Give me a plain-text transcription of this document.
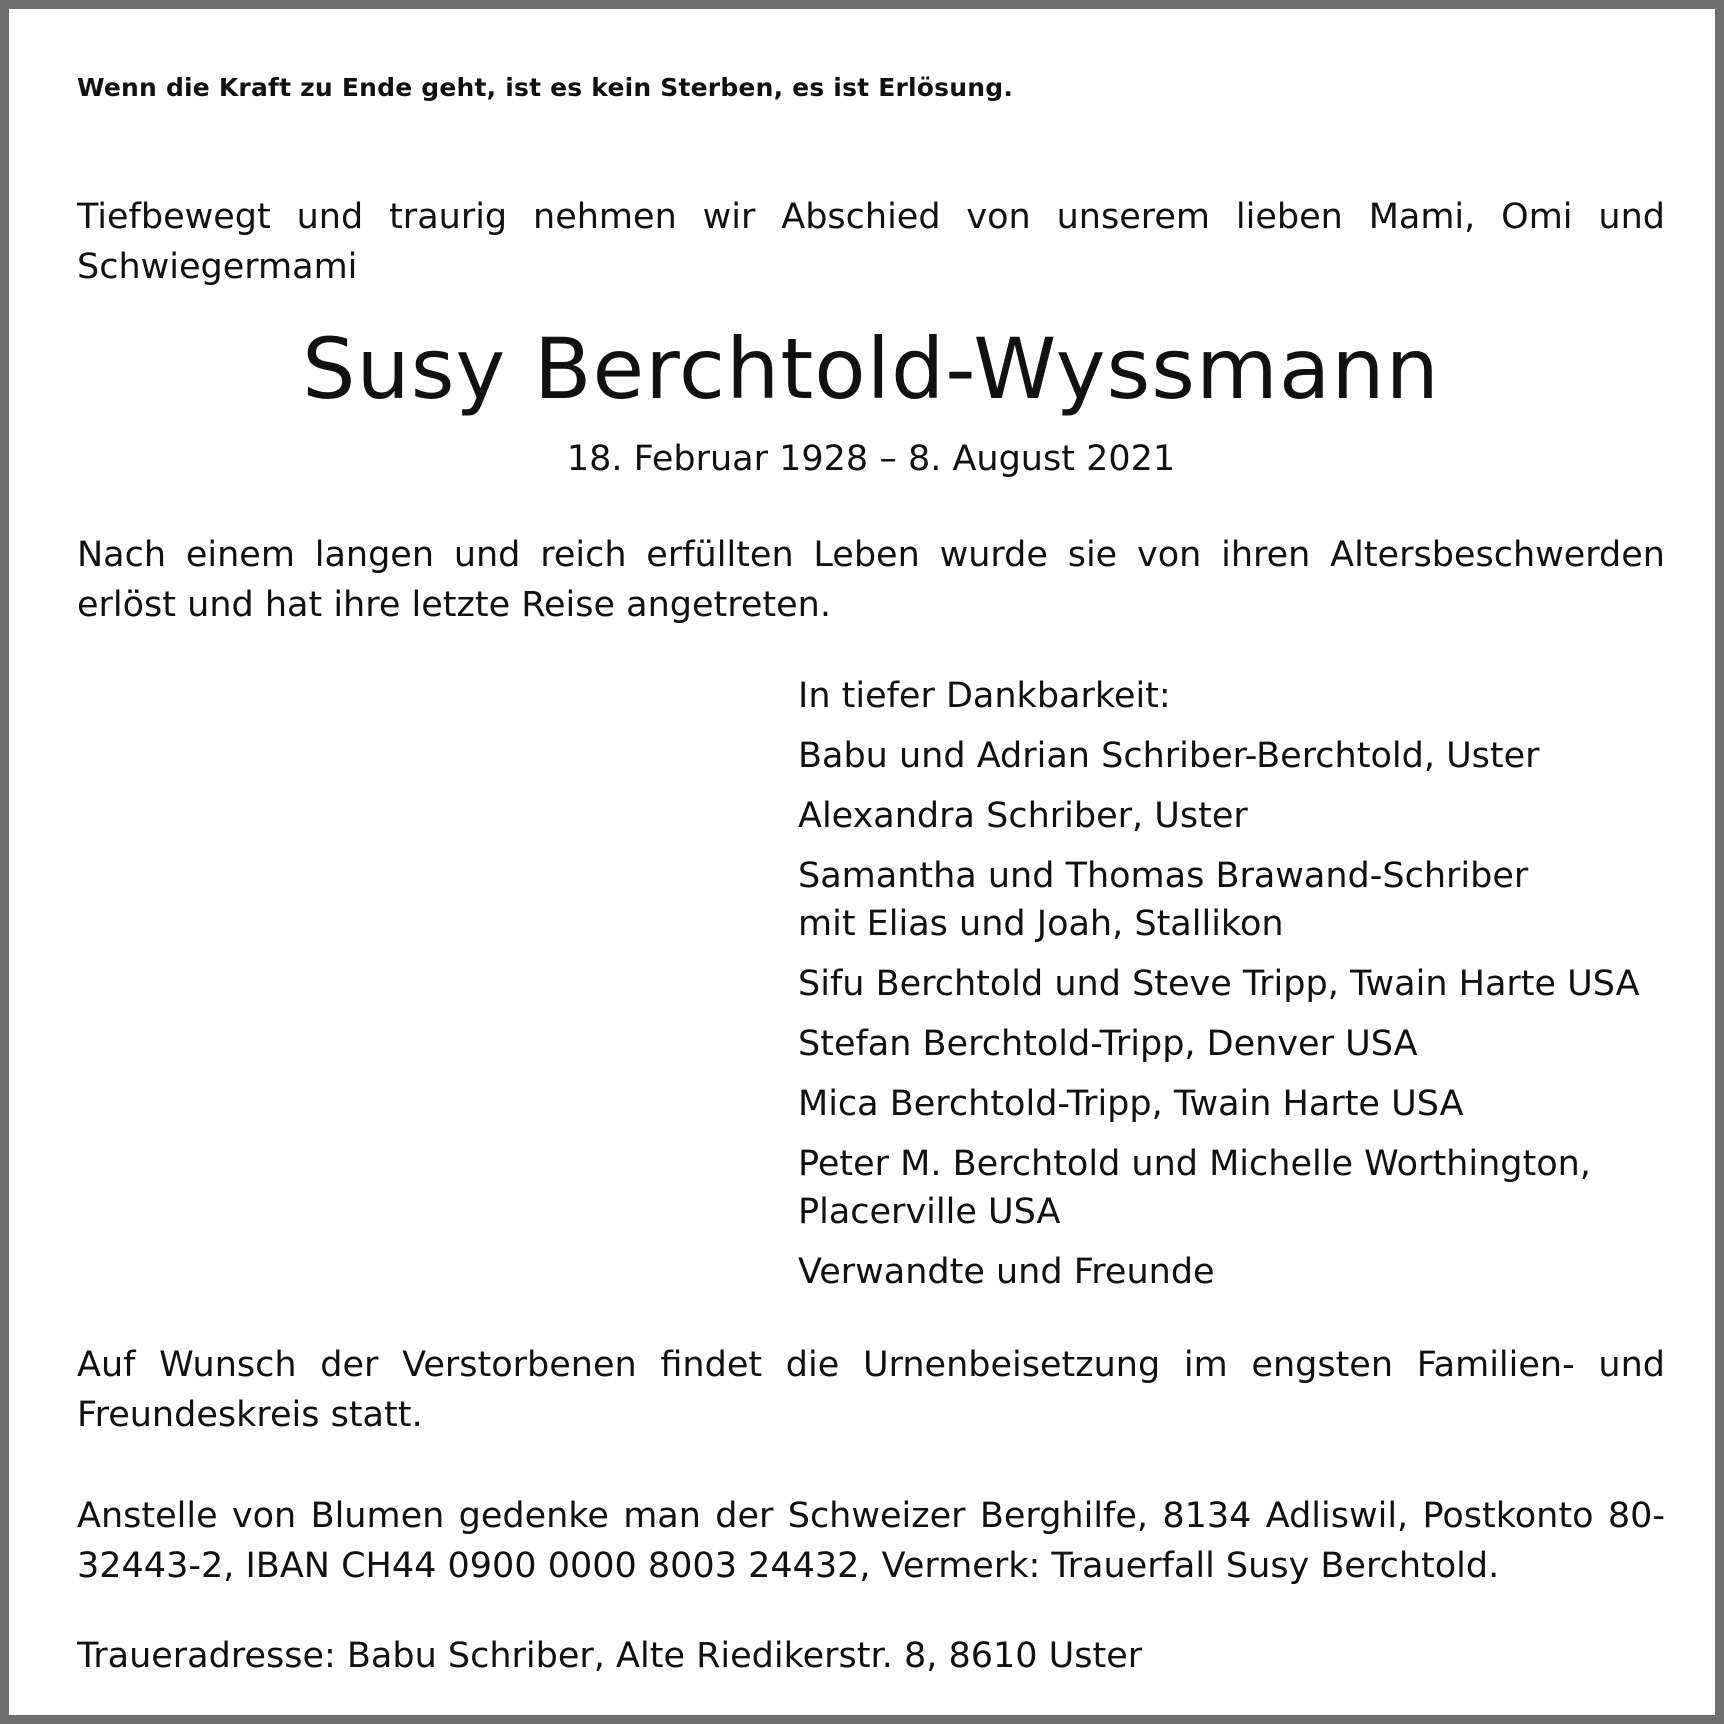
Wenn die Kraft zu Ende geht, ist es kein Sterben, es ist Erlösung.
Tiefbewegt und traurig nehmen wir Abschied von unserem lieben Mami, Omi und Schwiegermami
Susy Berchtold-Wyssmann
18. Februar 1928 – 8. August 2021
Nach einem langen und reich erfüllten Leben wurde sie von ihren Altersbeschwerden erlöst und hat ihre letzte Reise angetreten.
In tiefer Dankbarkeit:
Babu und Adrian Schriber-Berchtold, Uster
Alexandra Schriber, Uster
Samantha und Thomas Brawand-Schriber
mit Elias und Joah, Stallikon
Sifu Berchtold und Steve Tripp, Twain Harte USA
Stefan Berchtold-Tripp, Denver USA
Mica Berchtold-Tripp, Twain Harte USA
Peter M. Berchtold und Michelle Worthington,
Placerville USA
Verwandte und Freunde
Auf Wunsch der Verstorbenen findet die Urnenbeisetzung im engsten Familien- und Freundeskreis statt.
Anstelle von Blumen gedenke man der Schweizer Berghilfe, 8134 Adliswil, Postkonto 80-32443-2, IBAN CH44 0900 0000 8003 24432, Vermerk: Trauerfall Susy Berchtold.
Traueradresse: Babu Schriber, Alte Riedikerstr. 8, 8610 Uster
